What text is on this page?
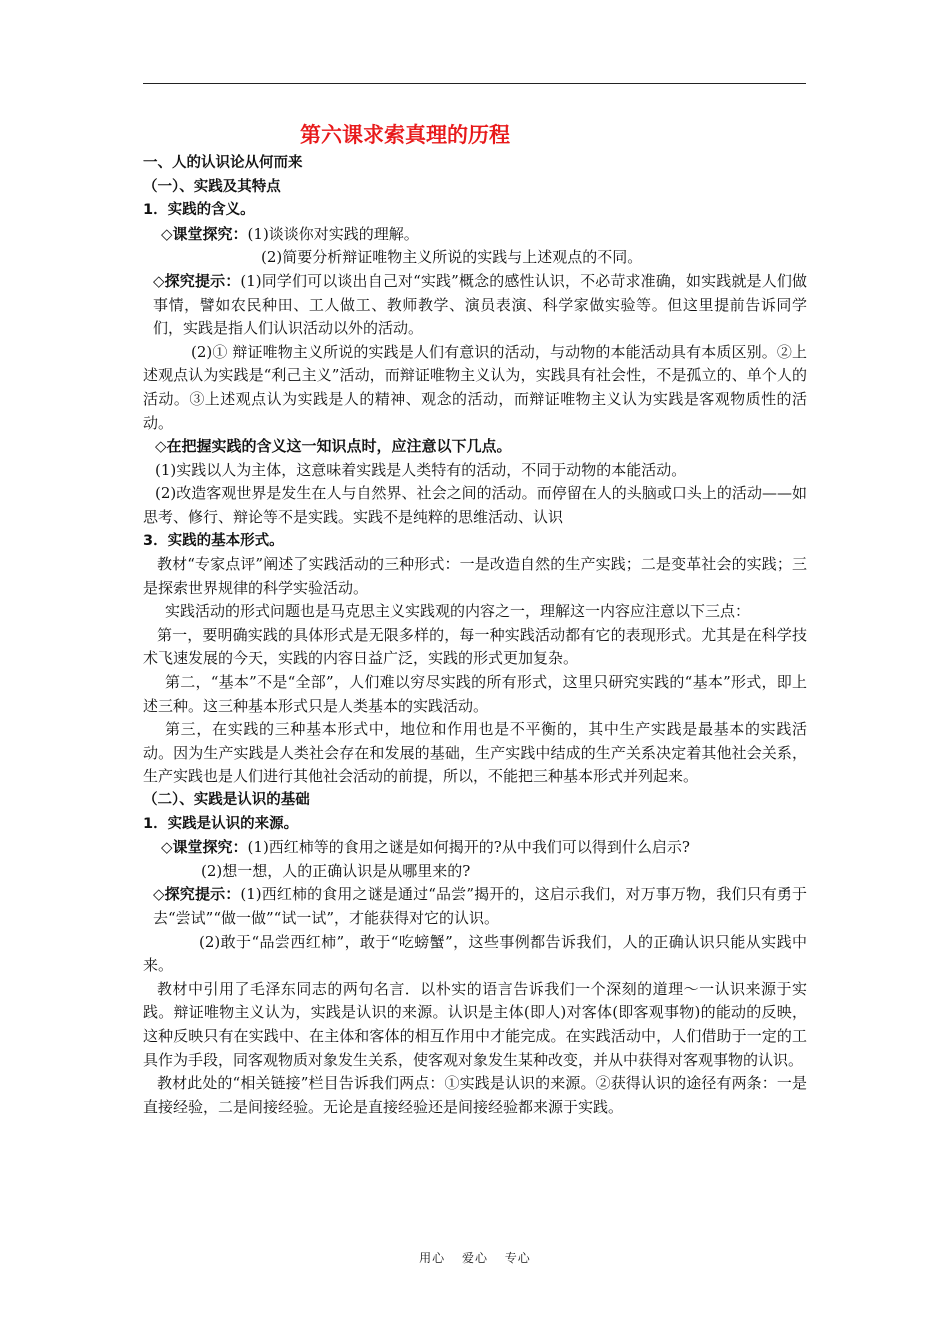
第六课求索真理的历程
一、人的认识论从何而来
（一）、实践及其特点
1．实践的含义。
◇课堂探究：(1)谈谈你对实践的理解。
(2)简要分析辩证唯物主义所说的实践与上述观点的不同。
◇探究提示：(1)同学们可以谈出自己对“实践”概念的感性认识，不必苛求准确，如实践就是人们做事情，譬如农民种田、工人做工、教师教学、演员表演、科学家做实验等。但这里提前告诉同学们，实践是指人们认识活动以外的活动。
(2)① 辩证唯物主义所说的实践是人们有意识的活动，与动物的本能活动具有本质区别。②上述观点认为实践是“利己主义”活动，而辩证唯物主义认为，实践具有社会性，不是孤立的、单个人的活动。③上述观点认为实践是人的精神、观念的活动，而辩证唯物主义认为实践是客观物质性的活动。
◇在把握实践的含义这一知识点时，应注意以下几点。
(1)实践以人为主体，这意味着实践是人类特有的活动，不同于动物的本能活动。
(2)改造客观世界是发生在人与自然界、社会之间的活动。而停留在人的头脑或口头上的活动——如思考、修行、辩论等不是实践。实践不是纯粹的思维活动、认识
3．实践的基本形式。
教材“专家点评”阐述了实践活动的三种形式：一是改造自然的生产实践；二是变革社会的实践；三是探索世界规律的科学实验活动。
实践活动的形式问题也是马克思主义实践观的内容之一，理解这一内容应注意以下三点：
第一，要明确实践的具体形式是无限多样的，每一种实践活动都有它的表现形式。尤其是在科学技术飞速发展的今天，实践的内容日益广泛，实践的形式更加复杂。
第二，“基本”不是“全部”，人们难以穷尽实践的所有形式，这里只研究实践的“基本”形式，即上述三种。这三种基本形式只是人类基本的实践活动。
第三，在实践的三种基本形式中，地位和作用也是不平衡的，其中生产实践是最基本的实践活动。因为生产实践是人类社会存在和发展的基础，生产实践中结成的生产关系决定着其他社会关系，生产实践也是人们进行其他社会活动的前提，所以，不能把三种基本形式并列起来。
（二）、实践是认识的基础
1．实践是认识的来源。
◇课堂探究：(1)西红柿等的食用之谜是如何揭开的?从中我们可以得到什么启示?
(2)想一想，人的正确认识是从哪里来的?
◇探究提示：(1)西红柿的食用之谜是通过“品尝”揭开的，这启示我们，对万事万物，我们只有勇于去“尝试”“做一做”“试一试”，才能获得对它的认识。
(2)敢于“品尝西红柿”，敢于“吃螃蟹”，这些事例都告诉我们，人的正确认识只能从实践中来。
教材中引用了毛泽东同志的两句名言．以朴实的语言告诉我们一个深刻的道理～一认识来源于实践。辩证唯物主义认为，实践是认识的来源。认识是主体(即人)对客体(即客观事物)的能动的反映，这种反映只有在实践中、在主体和客体的相互作用中才能完成。在实践活动中，人们借助于一定的工具作为手段，同客观物质对象发生关系，使客观对象发生某种改变，并从中获得对客观事物的认识。
教材此处的“相关链接”栏目告诉我们两点：①实践是认识的来源。②获得认识的途径有两条：一是直接经验，二是间接经验。无论是直接经验还是间接经验都来源于实践。
用心 爱心 专心
